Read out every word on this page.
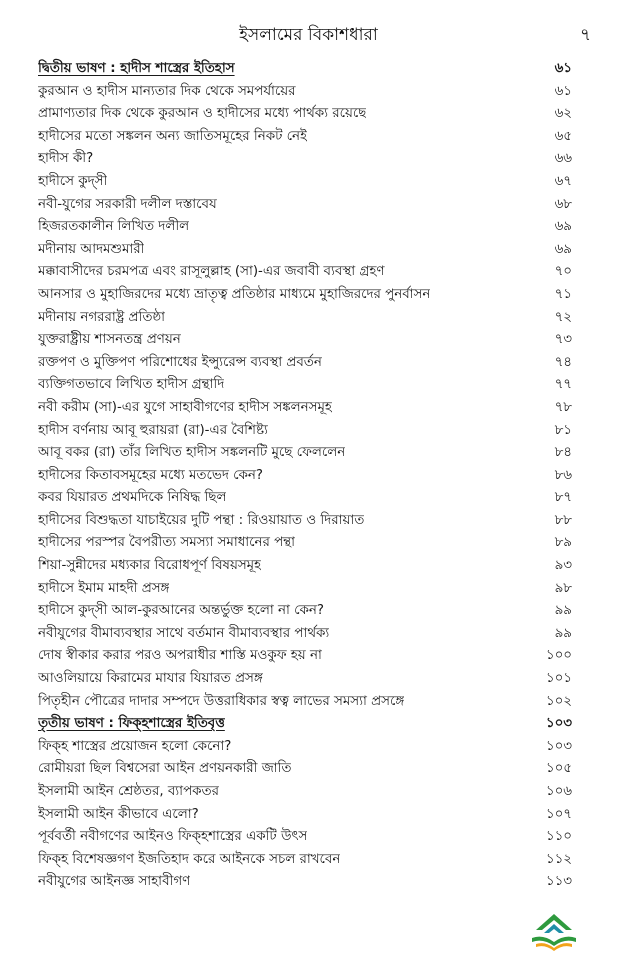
ইসলামের বিকাশধারা	৭
দ্বিতীয় ভাষণ : হাদীস শাস্ত্রের ইতিহাস	৬১
কুরআন ও হাদীস মান্যতার দিক থেকে সমপর্যায়ের	৬১
প্রামাণ্যতার দিক থেকে কুরআন ও হাদীসের মধ্যে পার্থক্য রয়েছে	৬২
হাদীসের মতো সঙ্কলন অন্য জাতিসমূহের নিকট নেই	৬৫
হাদীস কী?	৬৬
হাদীসে কুদ্‌সী	৬৭
নবী-যুগের সরকারী দলীল দস্তাবেয	৬৮
হিজরতকালীন লিখিত দলীল	৬৯
মদীনায় আদমশুমারী	৬৯
মক্কাবাসীদের চরমপত্র এবং রাসূলুল্লাহ (সা)-এর জবাবী ব্যবস্থা গ্রহণ	৭০
আনসার ও মুহাজিরদের মধ্যে ভ্রাতৃত্ব প্রতিষ্ঠার মাধ্যমে মুহাজিরদের পুনর্বাসন	৭১
মদীনায় নগররাষ্ট্র প্রতিষ্ঠা	৭২
যুক্তরাষ্ট্রীয় শাসনতন্ত্র প্রণয়ন	৭৩
রক্তপণ ও মুক্তিপণ পরিশোধের ইন্স্যুরেন্স ব্যবস্থা প্রবর্তন	৭৪
ব্যক্তিগতভাবে লিখিত হাদীস গ্রন্থাদি	৭৭
নবী করীম (সা)-এর যুগে সাহাবীগণের হাদীস সঙ্কলনসমূহ	৭৮
হাদীস বর্ণনায় আবূ হুরায়রা (রা)-এর বৈশিষ্ট্য	৮১
আবূ বকর (রা) তাঁর লিখিত হাদীস সঙ্কলনটি মুছে ফেললেন	৮৪
হাদীসের কিতাবসমূহের মধ্যে মতভেদ কেন?	৮৬
কবর যিয়ারত প্রথমদিকে নিষিদ্ধ ছিল	৮৭
হাদীসের বিশুদ্ধতা যাচাইয়ের দুটি পন্থা : রিওয়ায়াত ও দিরায়াত	৮৮
হাদীসের পরস্পর বৈপরীত্য সমস্যা সমাধানের পন্থা	৮৯
শিয়া-সুন্নীদের মধ্যকার বিরোধপূর্ণ বিষয়সমূহ	৯৩
হাদীসে ইমাম মাহদী প্রসঙ্গ	৯৮
হাদীসে কুদ্‌সী আল-কুরআনের অন্তর্ভুক্ত হলো না কেন?	৯৯
নবীযুগের বীমাব্যবস্থার সাথে বর্তমান বীমাব্যবস্থার পার্থক্য	৯৯
দোষ স্বীকার করার পরও অপরাধীর শাস্তি মওকুফ হয় না	১০০
আওলিয়ায়ে কিরামের মাযার যিয়ারত প্রসঙ্গ	১০১
পিতৃহীন পৌত্রের দাদার সম্পদে উত্তরাধিকার স্বত্ব লাভের সমস্যা প্রসঙ্গে	১০২
তৃতীয় ভাষণ : ফিক্‌হশাস্ত্রের ইতিবৃত্ত	১০৩
ফিক্‌হ শাস্ত্রের প্রয়োজন হলো কেনো?	১০৩
রোমীয়রা ছিল বিশ্বসেরা আইন প্রণয়নকারী জাতি	১০৫
ইসলামী আইন শ্রেষ্ঠতর, ব্যাপকতর	১০৬
ইসলামী আইন কীভাবে এলো?	১০৭
পূর্ববর্তী নবীগণের আইনও ফিক্‌হশাস্ত্রের একটি উৎস	১১০
ফিক্‌হ বিশেষজ্ঞগণ ইজতিহাদ করে আইনকে সচল রাখবেন	১১২
নবীযুগের আইনজ্ঞ সাহাবীগণ	১১৩
